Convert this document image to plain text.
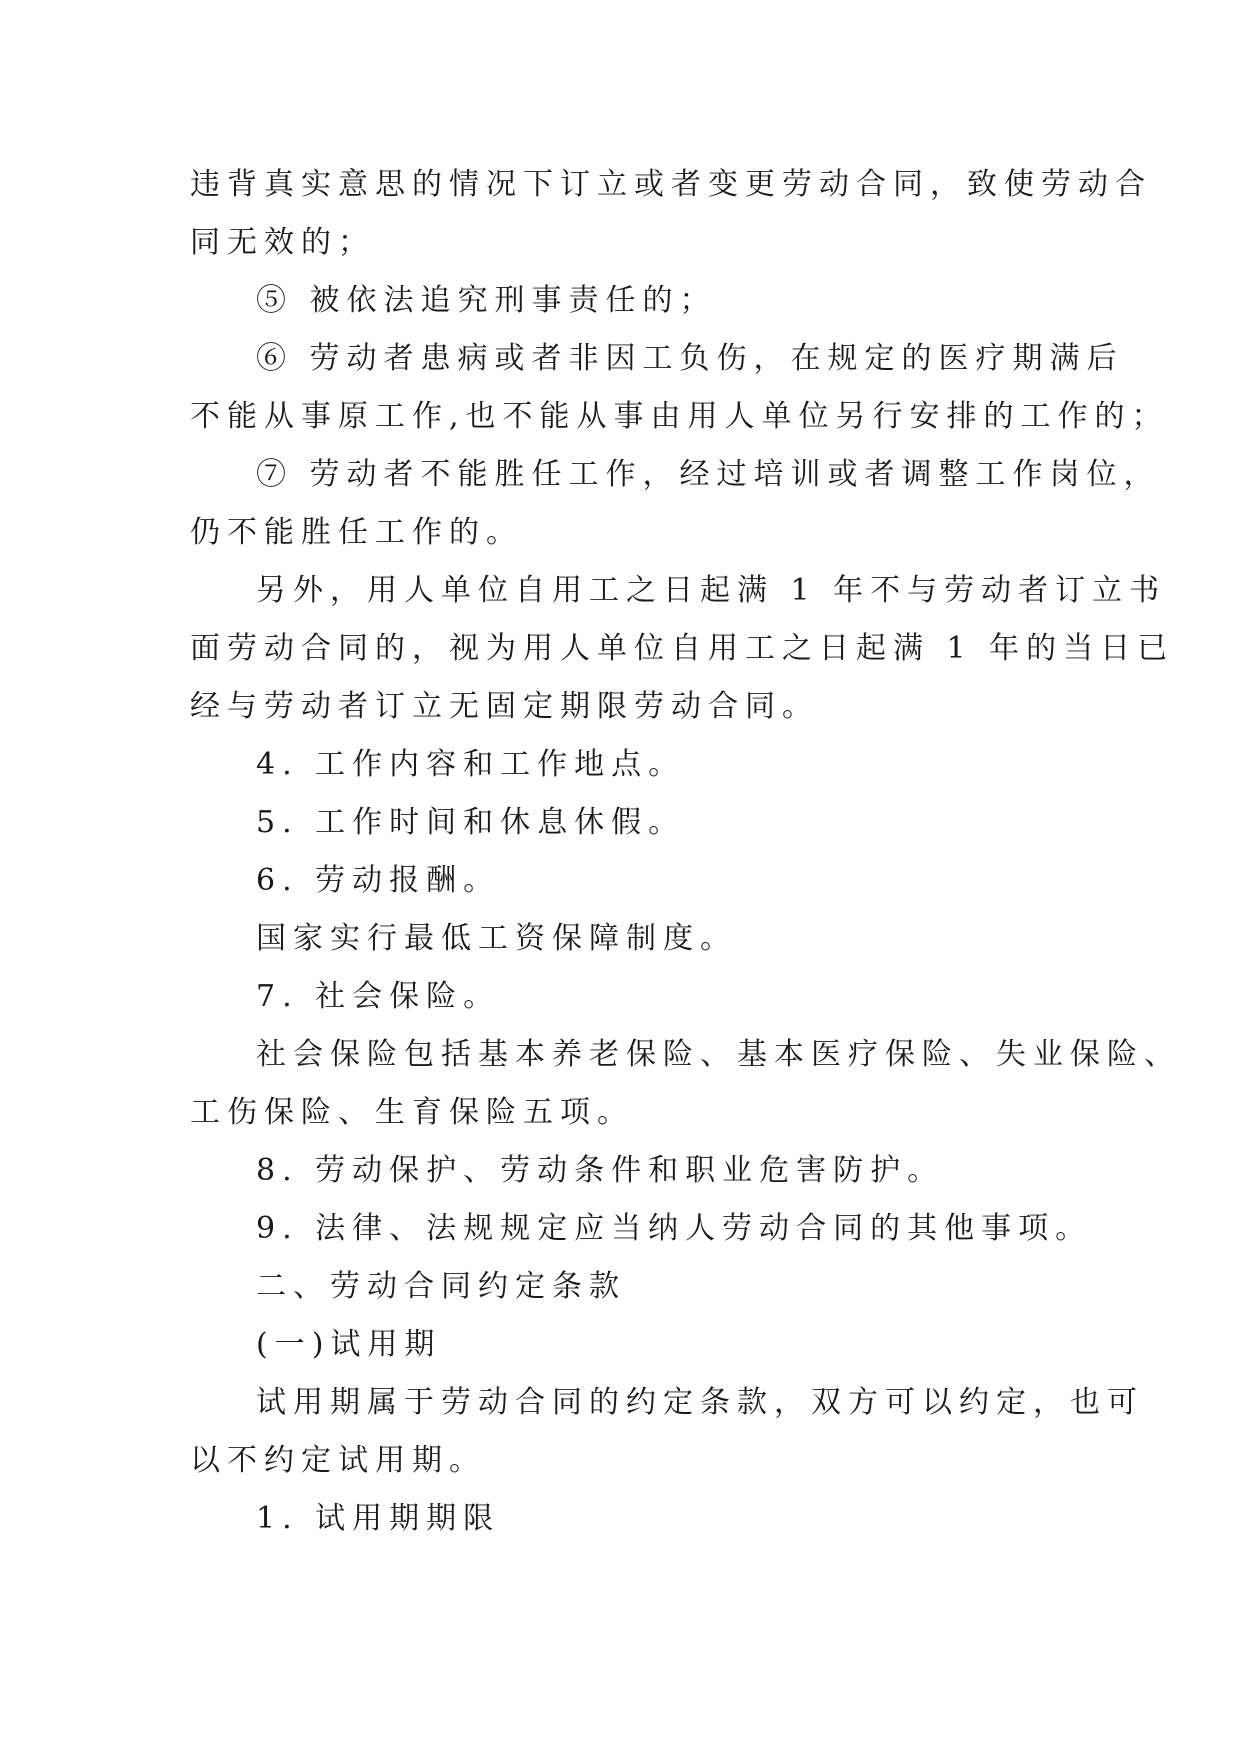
违背真实意思的情况下订立或者变更劳动合同，致使劳动合
同无效的；
⑤ 被依法追究刑事责任的；
⑥ 劳动者患病或者非因工负伤，在规定的医疗期满后
不能从事原工作,也不能从事由用人单位另行安排的工作的；
⑦ 劳动者不能胜任工作，经过培训或者调整工作岗位，
仍不能胜任工作的。
另外，用人单位自用工之日起满 1 年不与劳动者订立书
面劳动合同的，视为用人单位自用工之日起满 1 年的当日已
经与劳动者订立无固定期限劳动合同。
4. 工作内容和工作地点。
5. 工作时间和休息休假。
6. 劳动报酬。
国家实行最低工资保障制度。
7. 社会保险。
社会保险包括基本养老保险、基本医疗保险、失业保险、
工伤保险、生育保险五项。
8. 劳动保护、劳动条件和职业危害防护。
9. 法律、法规规定应当纳人劳动合同的其他事项。
二、劳动合同约定条款
(一)试用期
试用期属于劳动合同的约定条款，双方可以约定，也可
以不约定试用期。
1. 试用期期限
